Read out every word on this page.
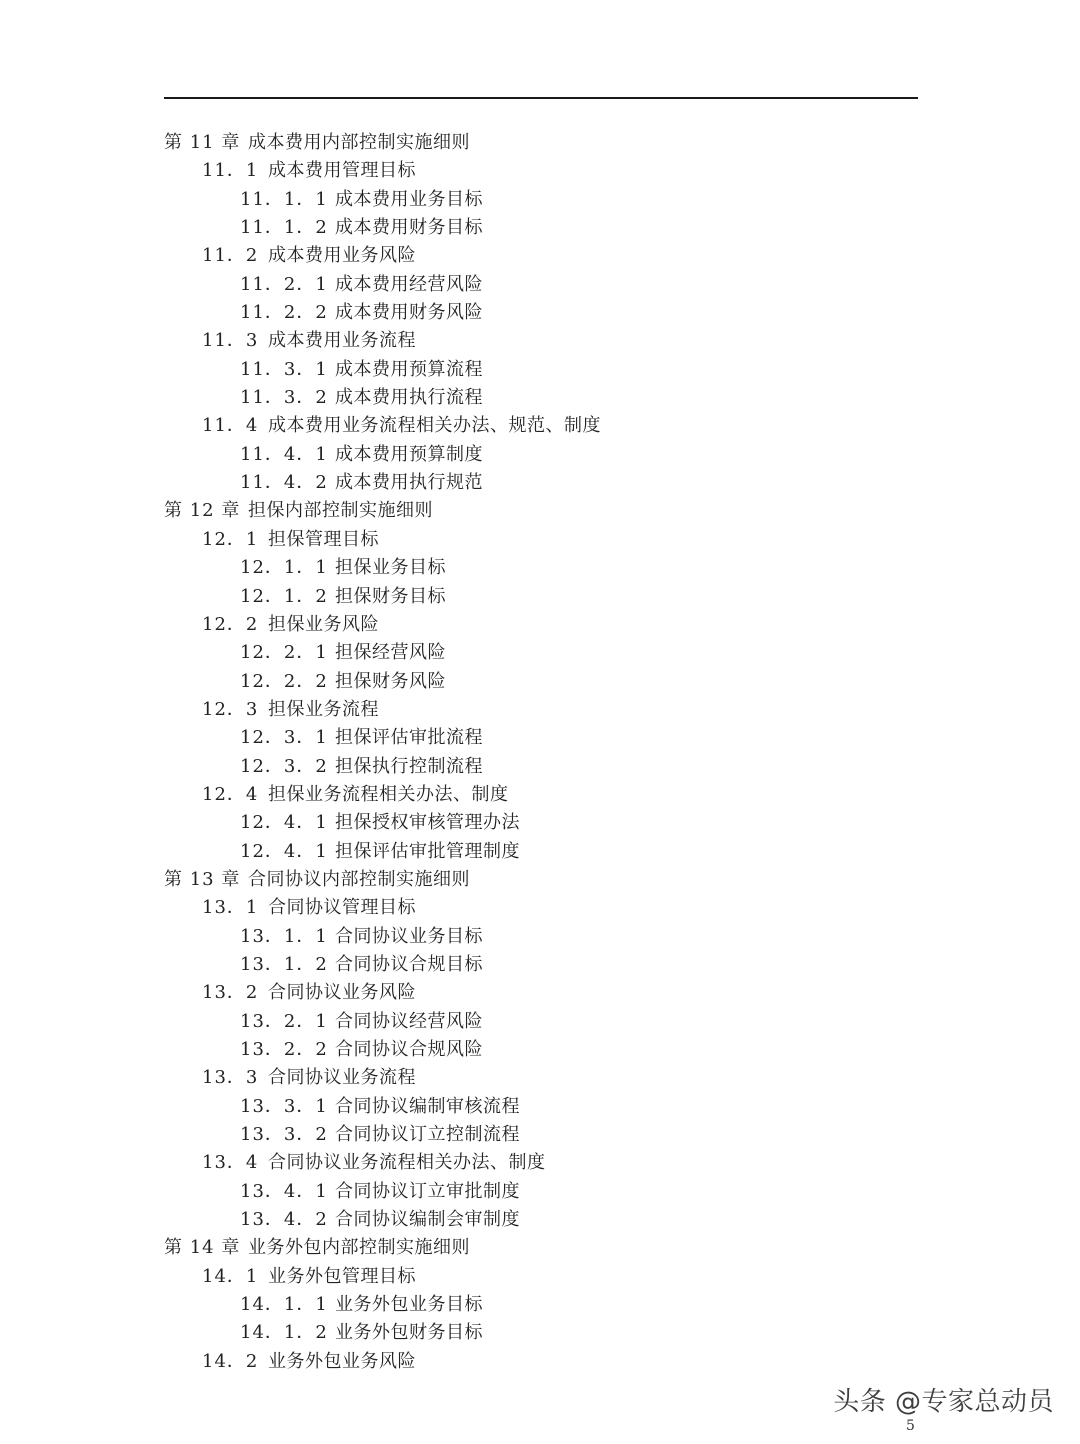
第 11 章 成本费用内部控制实施细则
11．1 成本费用管理目标
11．1．1 成本费用业务目标
11．1．2 成本费用财务目标
11．2 成本费用业务风险
11．2．1 成本费用经营风险
11．2．2 成本费用财务风险
11．3 成本费用业务流程
11．3．1 成本费用预算流程
11．3．2 成本费用执行流程
11．4 成本费用业务流程相关办法、规范、制度
11．4．1 成本费用预算制度
11．4．2 成本费用执行规范
第 12 章 担保内部控制实施细则
12．1 担保管理目标
12．1．1 担保业务目标
12．1．2 担保财务目标
12．2 担保业务风险
12．2．1 担保经营风险
12．2．2 担保财务风险
12．3 担保业务流程
12．3．1 担保评估审批流程
12．3．2 担保执行控制流程
12．4 担保业务流程相关办法、制度
12．4．1 担保授权审核管理办法
12．4．1 担保评估审批管理制度
第 13 章 合同协议内部控制实施细则
13．1 合同协议管理目标
13．1．1 合同协议业务目标
13．1．2 合同协议合规目标
13．2 合同协议业务风险
13．2．1 合同协议经营风险
13．2．2 合同协议合规风险
13．3 合同协议业务流程
13．3．1 合同协议编制审核流程
13．3．2 合同协议订立控制流程
13．4 合同协议业务流程相关办法、制度
13．4．1 合同协议订立审批制度
13．4．2 合同协议编制会审制度
第 14 章 业务外包内部控制实施细则
14．1 业务外包管理目标
14．1．1 业务外包业务目标
14．1．2 业务外包财务目标
14．2 业务外包业务风险
头条 @专家总动员
5
